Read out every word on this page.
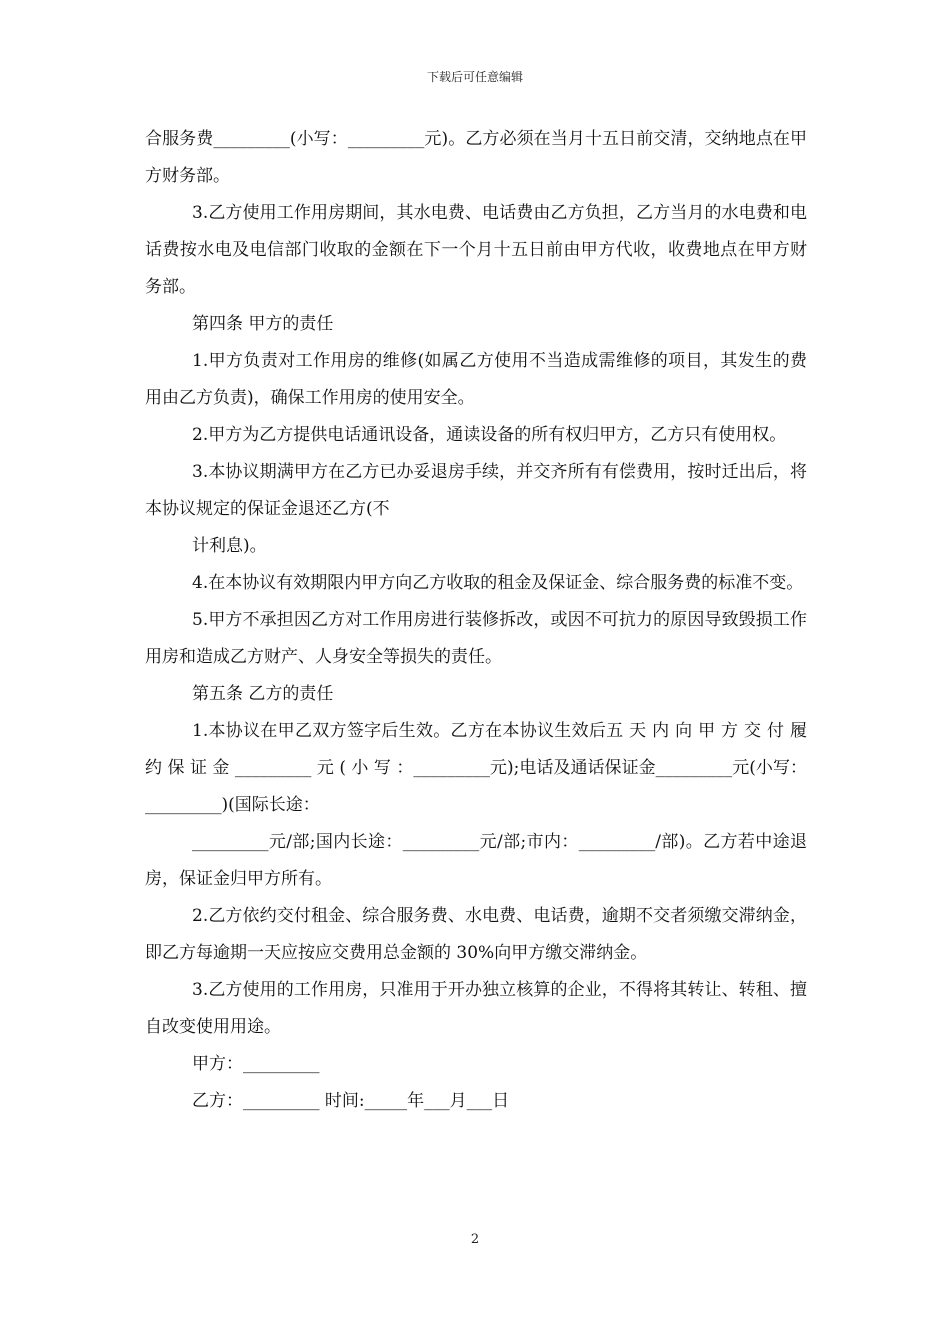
下载后可任意编辑

合服务费_________(小写：_________元)。乙方必须在当月十五日前交清，交纳地点在甲方财务部。

3.乙方使用工作用房期间，其水电费、电话费由乙方负担，乙方当月的水电费和电话费按水电及电信部门收取的金额在下一个月十五日前由甲方代收，收费地点在甲方财务部。

第四条 甲方的责任

1.甲方负责对工作用房的维修(如属乙方使用不当造成需维修的项目，其发生的费用由乙方负责)，确保工作用房的使用安全。

2.甲方为乙方提供电话通讯设备，通读设备的所有权归甲方，乙方只有使用权。

3.本协议期满甲方在乙方已办妥退房手续，并交齐所有有偿费用，按时迁出后，将本协议规定的保证金退还乙方(不

计利息)。

4.在本协议有效期限内甲方向乙方收取的租金及保证金、综合服务费的标准不变。

5.甲方不承担因乙方对工作用房进行装修拆改，或因不可抗力的原因导致毁损工作用房和造成乙方财产、人身安全等损失的责任。

第五条 乙方的责任

1.本协议在甲乙双方签字后生效。乙方在本协议生效后五 天 内 向 甲 方 交 付 履 约 保 证 金 _________ 元 ( 小 写 ：_________元);电话及通话保证金_________元(小写：_________)(国际长途：

_________元/部;国内长途：_________元/部;市内：_________/部)。乙方若中途退房，保证金归甲方所有。

2.乙方依约交付租金、综合服务费、水电费、电话费，逾期不交者须缴交滞纳金，即乙方每逾期一天应按应交费用总金额的 30%向甲方缴交滞纳金。

3.乙方使用的工作用房，只准用于开办独立核算的企业，不得将其转让、转租、擅自改变使用用途。

甲方：_________

乙方：_________ 时间:_____年___月___日

2
